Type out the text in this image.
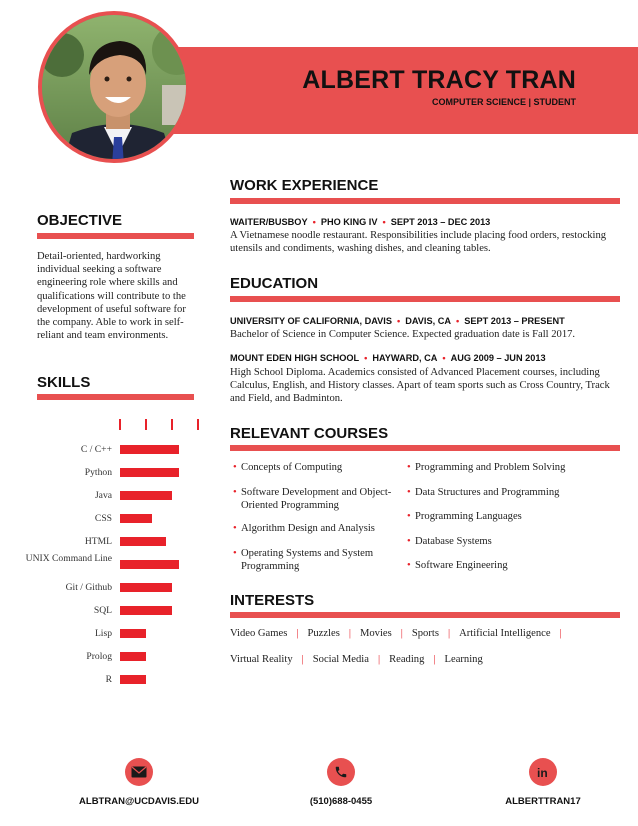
ALBERT TRACY TRAN
COMPUTER SCIENCE | STUDENT
OBJECTIVE
Detail-oriented, hardworking individual seeking a software engineering role where skills and qualifications will contribute to the development of useful software for the company. Able to work in self-reliant and team environments.
SKILLS
C / C++
Python
Java
CSS
HTML
UNIX Command Line
Git / Github
SQL
Lisp
Prolog
R
WORK EXPERIENCE
WAITER/BUSBOY • PHO KING IV • SEPT 2013 – DEC 2013
A Vietnamese noodle restaurant. Responsibilities include placing food orders, restocking utensils and condiments, washing dishes, and cleaning tables.
EDUCATION
UNIVERSITY OF CALIFORNIA, DAVIS • DAVIS, CA • SEPT 2013 – PRESENT
Bachelor of Science in Computer Science. Expected graduation date is Fall 2017.
MOUNT EDEN HIGH SCHOOL • HAYWARD, CA • AUG 2009 – JUN 2013
High School Diploma. Academics consisted of Advanced Placement courses, including Calculus, English, and History classes. Apart of team sports such as Cross Country, Track and Field, and Badminton.
RELEVANT COURSES
• Concepts of Computing
• Software Development and Object-Oriented Programming
• Algorithm Design and Analysis
• Operating Systems and System Programming
• Programming and Problem Solving
• Data Structures and Programming
• Programming Languages
• Database Systems
• Software Engineering
INTERESTS
Video Games | Puzzles | Movies | Sports | Artificial Intelligence |
Virtual Reality | Social Media | Reading | Learning
in
ALBTRAN@UCDAVIS.EDU	(510)688-0455	ALBERTTRAN17
